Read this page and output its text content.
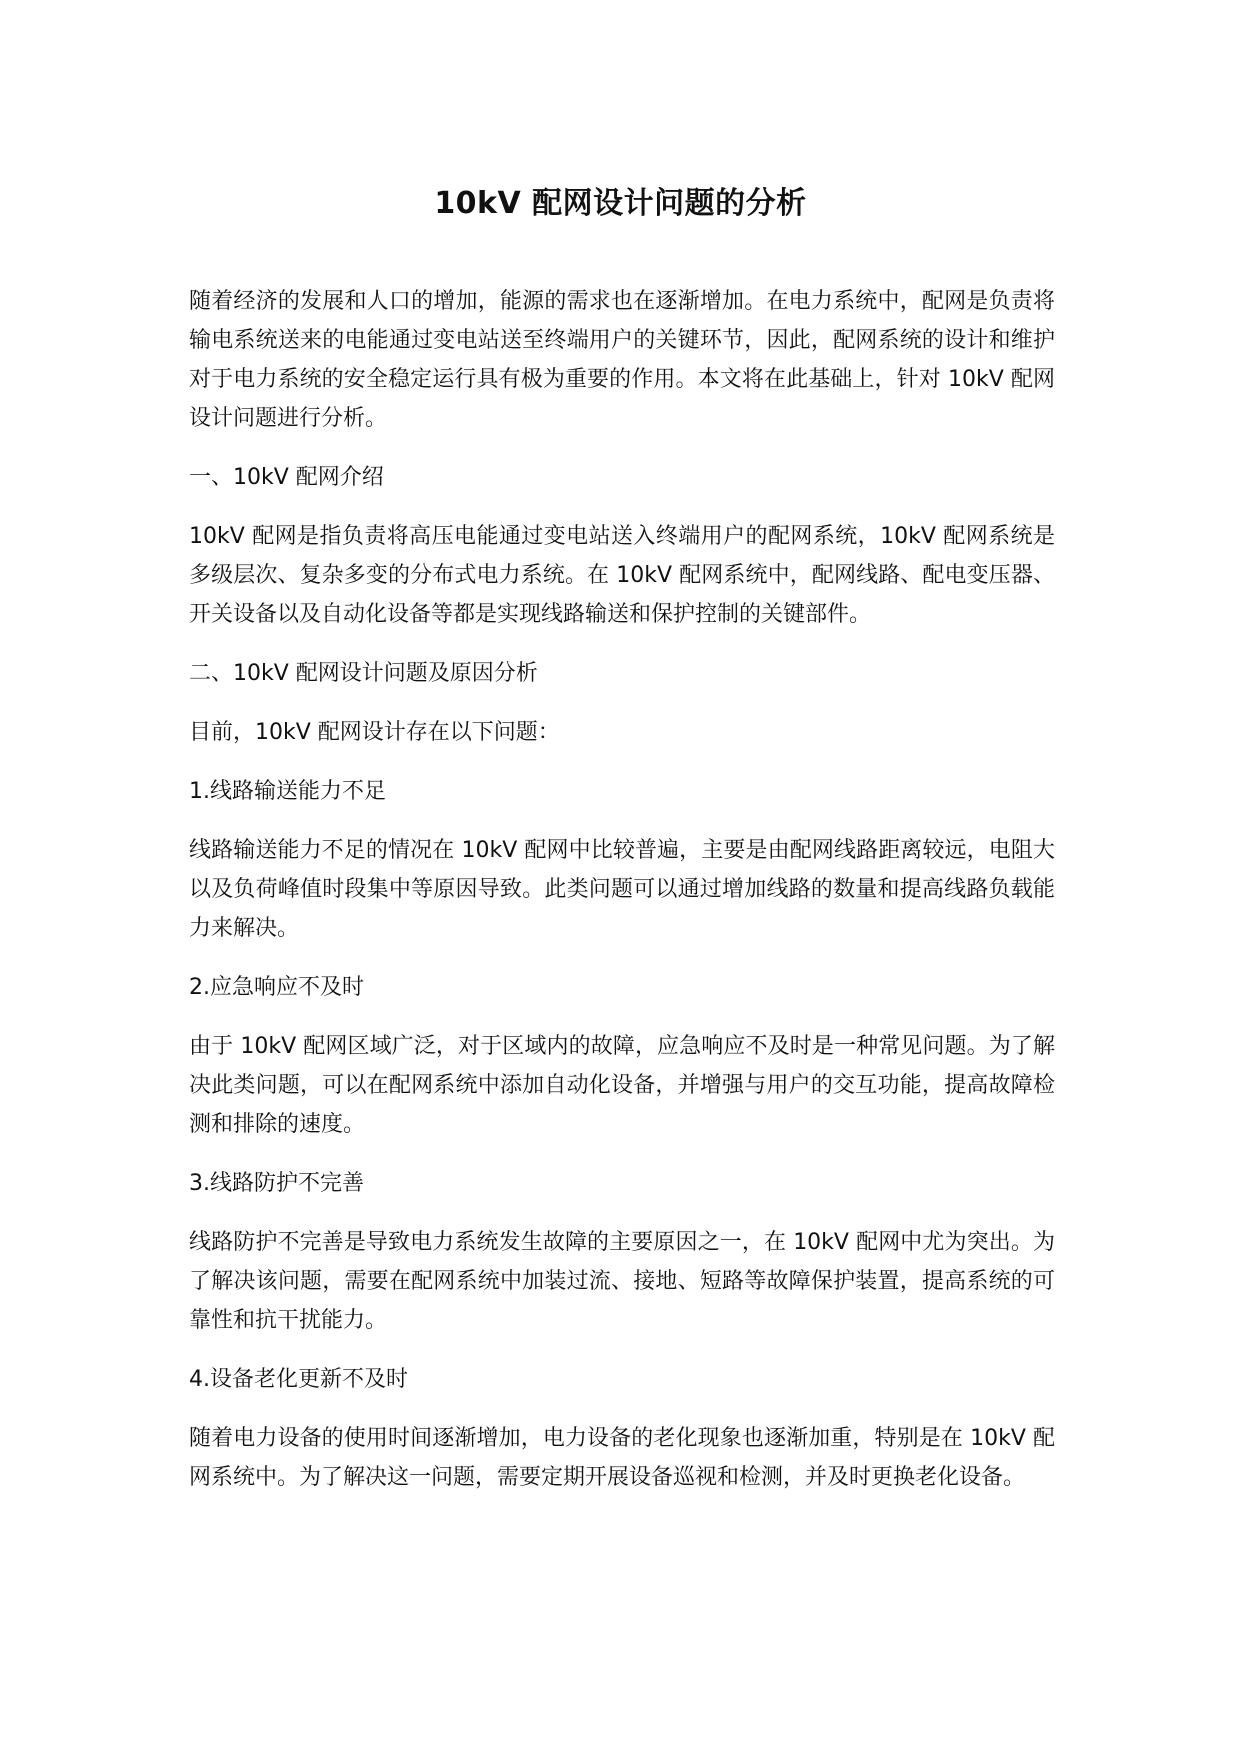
10kV 配网设计问题的分析

随着经济的发展和人口的增加，能源的需求也在逐渐增加。在电力系统中，配网是负责将输电系统送来的电能通过变电站送至终端用户的关键环节，因此，配网系统的设计和维护对于电力系统的安全稳定运行具有极为重要的作用。本文将在此基础上，针对 10kV 配网设计问题进行分析。

一、10kV 配网介绍

10kV 配网是指负责将高压电能通过变电站送入终端用户的配网系统，10kV 配网系统是多级层次、复杂多变的分布式电力系统。在 10kV 配网系统中，配网线路、配电变压器、开关设备以及自动化设备等都是实现线路输送和保护控制的关键部件。

二、10kV 配网设计问题及原因分析

目前，10kV 配网设计存在以下问题：

1.线路输送能力不足

线路输送能力不足的情况在 10kV 配网中比较普遍，主要是由配网线路距离较远，电阻大以及负荷峰值时段集中等原因导致。此类问题可以通过增加线路的数量和提高线路负载能力来解决。

2.应急响应不及时

由于 10kV 配网区域广泛，对于区域内的故障，应急响应不及时是一种常见问题。为了解决此类问题，可以在配网系统中添加自动化设备，并增强与用户的交互功能，提高故障检测和排除的速度。

3.线路防护不完善

线路防护不完善是导致电力系统发生故障的主要原因之一，在 10kV 配网中尤为突出。为了解决该问题，需要在配网系统中加装过流、接地、短路等故障保护装置，提高系统的可靠性和抗干扰能力。

4.设备老化更新不及时

随着电力设备的使用时间逐渐增加，电力设备的老化现象也逐渐加重，特别是在 10kV 配网系统中。为了解决这一问题，需要定期开展设备巡视和检测，并及时更换老化设备。
